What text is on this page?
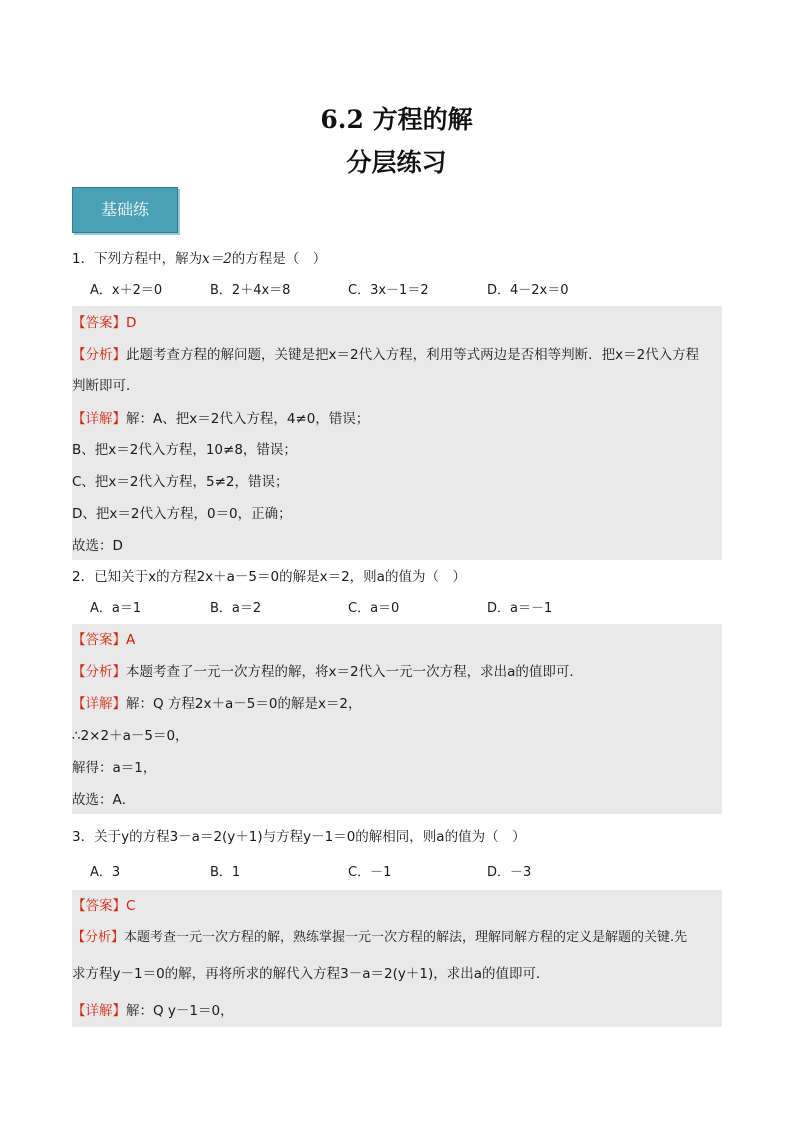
6.2 方程的解
分层练习
基础练
1．下列方程中，解为x＝2的方程是（　）
A．x＋2＝0	B．2＋4x＝8	C．3x－1＝2	D．4－2x＝0
【答案】D
【分析】此题考查方程的解问题，关键是把x＝2代入方程，利用等式两边是否相等判断．把x＝2代入方程
判断即可．
【详解】解：A、把x＝2代入方程，4≠0，错误；
B、把x＝2代入方程，10≠8，错误；
C、把x＝2代入方程，5≠2，错误；
D、把x＝2代入方程，0＝0，正确；
故选：D
2．已知关于x的方程2x＋a－5＝0的解是x＝2，则a的值为（　）
A．a＝1	B．a＝2	C．a＝0	D．a＝－1
【答案】A
【分析】本题考查了一元一次方程的解，将x＝2代入一元一次方程，求出a的值即可．
【详解】解：Q 方程2x＋a－5＝0的解是x＝2，
∴2×2＋a－5＝0，
解得：a＝1，
故选：A．
3．关于y的方程3－a＝2(y＋1)与方程y－1＝0的解相同，则a的值为（　）
A．3	B．1	C．－1	D．－3
【答案】C
【分析】本题考查一元一次方程的解，熟练掌握一元一次方程的解法，理解同解方程的定义是解题的关键.先
求方程y－1＝0的解，再将所求的解代入方程3－a＝2(y＋1)，求出a的值即可．
【详解】解：Q y－1＝0，
